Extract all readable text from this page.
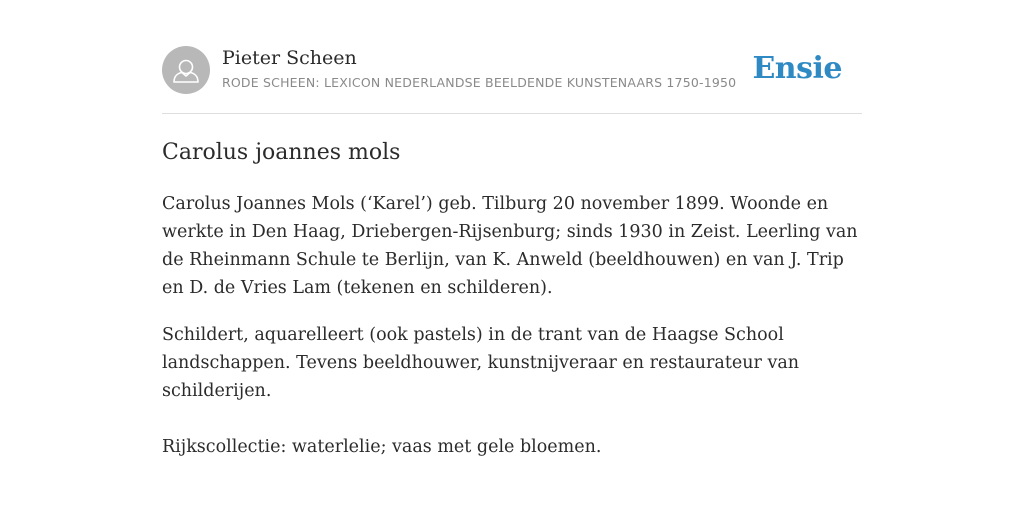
Pieter Scheen
RODE SCHEEN: LEXICON NEDERLANDSE BEELDENDE KUNSTENAARS 1750-1950 Ensie
Carolus joannes mols

Carolus Joannes Mols (‘Karel’) geb. Tilburg 20 november 1899. Woonde en werkte in Den Haag, Driebergen-Rijsenburg; sinds 1930 in Zeist. Leerling van de Rheinmann Schule te Berlijn, van K. Anweld (beeldhouwen) en van J. Trip en D. de Vries Lam (tekenen en schilderen).

Schildert, aquarelleert (ook pastels) in de trant van de Haagse School landschappen. Tevens beeldhouwer, kunstnijveraar en restaurateur van schilderijen.

Rijkscollectie: waterlelie; vaas met gele bloemen.
